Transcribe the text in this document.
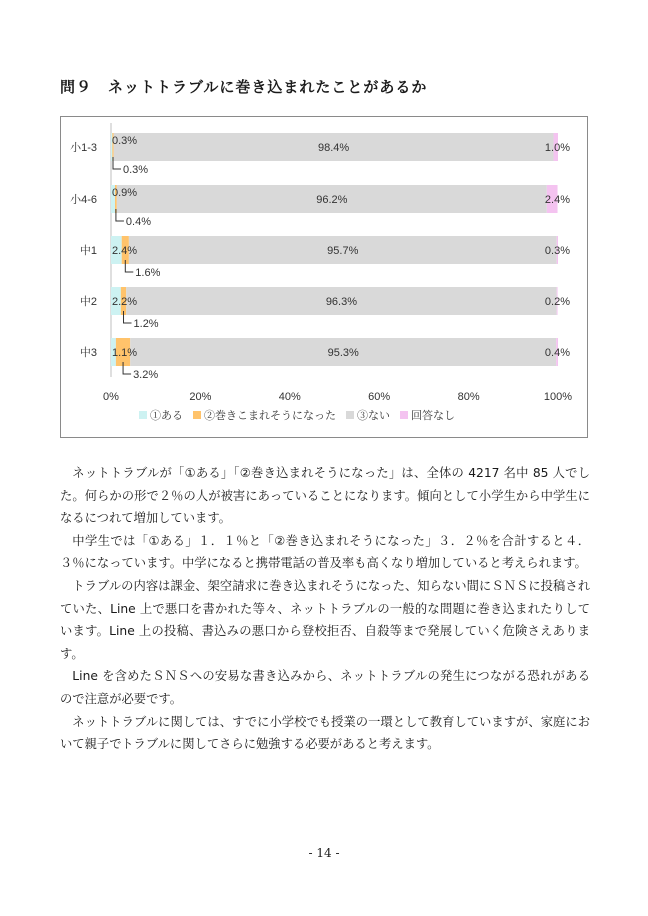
問９　ネットトラブルに巻き込まれたことがあるか
小1-3
0.3%
0.3%
98.4%	1.0%
小4-6
0.9%
0.4%
96.2%	2.4%
中1 2.4%
1.6%
95.7%	0.3%
中2 2.2%
1.2%
96.3%	0.2%
中3 1.1%
3.2%
95.3%	0.4%
0%	20%	40%	60%	80%	100%
①ある ②巻きこまれそうになった ③ない 回答なし

ネットトラブルが「①ある」「②巻き込まれそうになった」は、全体の 4217 名中 85 人でした。何らかの形で２％の人が被害にあっていることになります。傾向として小学生から中学生になるにつれて増加しています。

中学生では「①ある」１．１％と「②巻き込まれそうになった」３．２％を合計すると４．３％になっています。中学になると携帯電話の普及率も高くなり増加していると考えられます。

トラブルの内容は課金、架空請求に巻き込まれそうになった、知らない間にＳＮＳに投稿されていた、Line 上で悪口を書かれた等々、ネットトラブルの一般的な問題に巻き込まれたりしています。Line 上の投稿、書込みの悪口から登校拒否、自殺等まで発展していく危険さえあります。

Line を含めたＳＮＳへの安易な書き込みから、ネットトラブルの発生につながる恐れがあるので注意が必要です。

ネットトラブルに関しては、すでに小学校でも授業の一環として教育していますが、家庭において親子でトラブルに関してさらに勉強する必要があると考えます。

- 14 -
